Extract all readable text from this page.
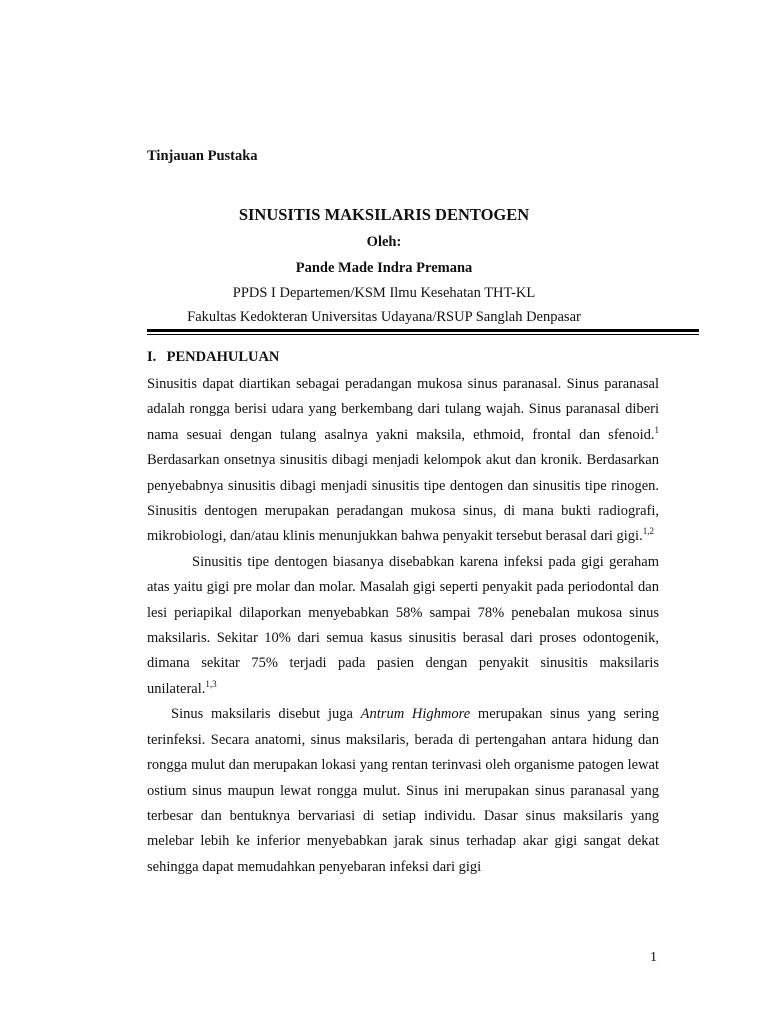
Tinjauan Pustaka
SINUSITIS MAKSILARIS DENTOGEN
Oleh:
Pande Made Indra Premana
PPDS I Departemen/KSM Ilmu Kesehatan THT-KL
Fakultas Kedokteran Universitas Udayana/RSUP Sanglah Denpasar
I. PENDAHULUAN

Sinusitis dapat diartikan sebagai peradangan mukosa sinus paranasal. Sinus paranasal adalah rongga berisi udara yang berkembang dari tulang wajah. Sinus paranasal diberi nama sesuai dengan tulang asalnya yakni maksila, ethmoid, frontal dan sfenoid.$^1$ Berdasarkan onsetnya sinusitis dibagi menjadi kelompok akut dan kronik. Berdasarkan penyebabnya sinusitis dibagi menjadi sinusitis tipe dentogen dan sinusitis tipe rinogen. Sinusitis dentogen merupakan peradangan mukosa sinus, di mana bukti radiografi, mikrobiologi, dan/atau klinis menunjukkan bahwa penyakit tersebut berasal dari gigi.$^{1,2}$

Sinusitis tipe dentogen biasanya disebabkan karena infeksi pada gigi geraham atas yaitu gigi pre molar dan molar. Masalah gigi seperti penyakit pada periodontal dan lesi periapikal dilaporkan menyebabkan 58% sampai 78% penebalan mukosa sinus maksilaris. Sekitar 10% dari semua kasus sinusitis berasal dari proses odontogenik, dimana sekitar 75% terjadi pada pasien dengan penyakit sinusitis maksilaris unilateral.$^{1,3}$

Sinus maksilaris disebut juga Antrum Highmore merupakan sinus yang sering terinfeksi. Secara anatomi, sinus maksilaris, berada di pertengahan antara hidung dan rongga mulut dan merupakan lokasi yang rentan terinvasi oleh organisme patogen lewat ostium sinus maupun lewat rongga mulut. Sinus ini merupakan sinus paranasal yang terbesar dan bentuknya bervariasi di setiap individu. Dasar sinus maksilaris yang melebar lebih ke inferior menyebabkan jarak sinus terhadap akar gigi sangat dekat sehingga dapat memudahkan penyebaran infeksi dari gigi

1
